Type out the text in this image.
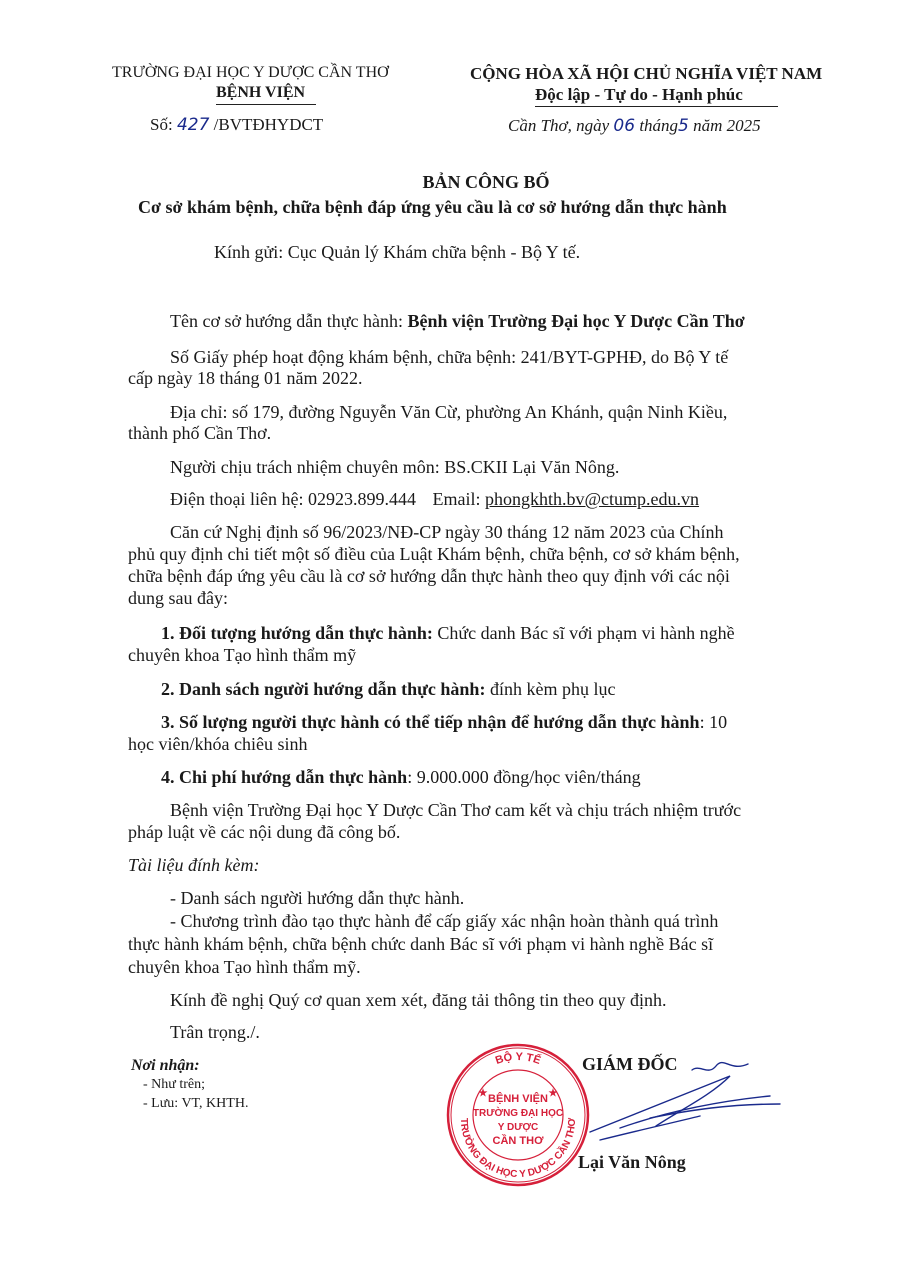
TRƯỜNG ĐẠI HỌC Y DƯỢC CẦN THƠ
BỆNH VIỆN
Số: 427 /BVTĐHYDCT
CỘNG HÒA XÃ HỘI CHỦ NGHĨA VIỆT NAM
Độc lập - Tự do - Hạnh phúc
Cần Thơ, ngày 06 tháng5 năm 2025
BẢN CÔNG BỐ
Cơ sở khám bệnh, chữa bệnh đáp ứng yêu cầu là cơ sở hướng dẫn thực hành
Kính gửi: Cục Quản lý Khám chữa bệnh - Bộ Y tế.
Tên cơ sở hướng dẫn thực hành: Bệnh viện Trường Đại học Y Dược Cần Thơ
Số Giấy phép hoạt động khám bệnh, chữa bệnh: 241/BYT-GPHĐ, do Bộ Y tế
cấp ngày 18 tháng 01 năm 2022.
Địa chỉ: số 179, đường Nguyễn Văn Cừ, phường An Khánh, quận Ninh Kiều,
thành phố Cần Thơ.
Người chịu trách nhiệm chuyên môn: BS.CKII Lại Văn Nông.
Điện thoại liên hệ: 02923.899.444 Email: phongkhth.bv@ctump.edu.vn
Căn cứ Nghị định số 96/2023/NĐ-CP ngày 30 tháng 12 năm 2023 của Chính
phủ quy định chi tiết một số điều của Luật Khám bệnh, chữa bệnh, cơ sở khám bệnh,
chữa bệnh đáp ứng yêu cầu là cơ sở hướng dẫn thực hành theo quy định với các nội
dung sau đây:
1. Đối tượng hướng dẫn thực hành: Chức danh Bác sĩ với phạm vi hành nghề
chuyên khoa Tạo hình thẩm mỹ
2. Danh sách người hướng dẫn thực hành: đính kèm phụ lục
3. Số lượng người thực hành có thể tiếp nhận để hướng dẫn thực hành: 10
học viên/khóa chiêu sinh
4. Chi phí hướng dẫn thực hành: 9.000.000 đồng/học viên/tháng
Bệnh viện Trường Đại học Y Dược Cần Thơ cam kết và chịu trách nhiệm trước
pháp luật về các nội dung đã công bố.
Tài liệu đính kèm:
- Danh sách người hướng dẫn thực hành.
- Chương trình đào tạo thực hành để cấp giấy xác nhận hoàn thành quá trình
thực hành khám bệnh, chữa bệnh chức danh Bác sĩ với phạm vi hành nghề Bác sĩ
chuyên khoa Tạo hình thẩm mỹ.
Kính đề nghị Quý cơ quan xem xét, đăng tải thông tin theo quy định.
Trân trọng./.
Nơi nhận:
- Như trên;
- Lưu: VT, KHTH.
BỘ Y TẾ
TRƯỜNG ĐẠI HỌC Y DƯỢC CẦN THƠ
BỆNH VIỆN
TRƯỜNG ĐẠI HỌC
Y DƯỢC
CẦN THƠ
★	★
GIÁM ĐỐC
Lại Văn Nông
